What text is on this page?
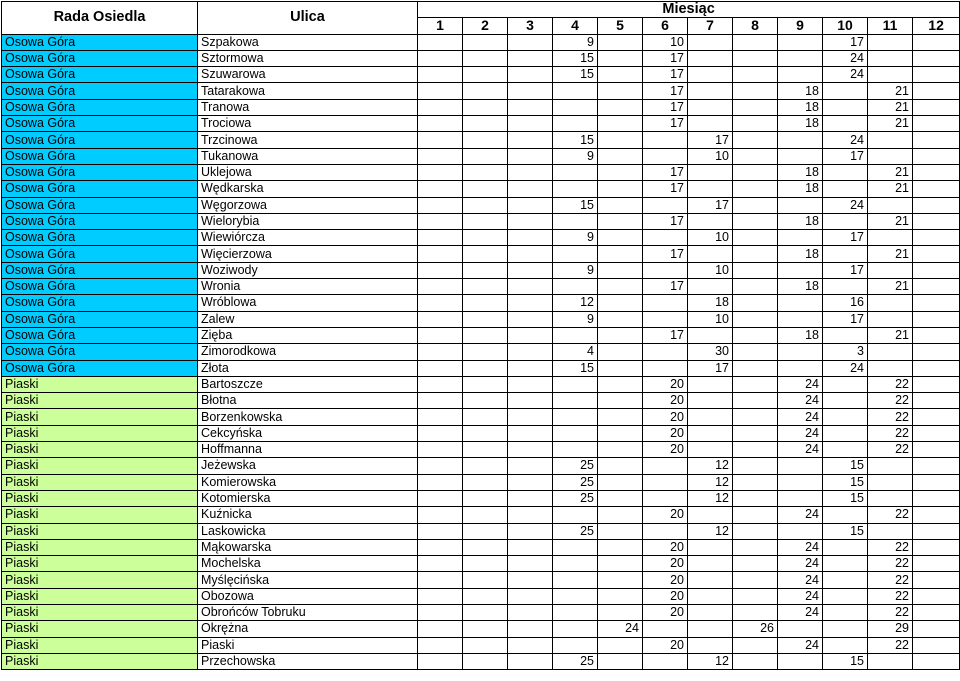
Rada Osiedla	Ulica	Miesiąc											
		1	2	3	4	5	6	7	8	9	10	11	12
Osowa Góra	Szpakowa				9		10				17		
Osowa Góra	Sztormowa				15		17				24		
Osowa Góra	Szuwarowa				15		17				24		
Osowa Góra	Tatarakowa						17			18		21	
Osowa Góra	Tranowa						17			18		21	
Osowa Góra	Trociowa						17			18		21	
Osowa Góra	Trzcinowa				15			17			24		
Osowa Góra	Tukanowa				9			10			17		
Osowa Góra	Uklejowa						17			18		21	
Osowa Góra	Wędkarska						17			18		21	
Osowa Góra	Węgorzowa				15			17			24		
Osowa Góra	Wielorybia						17			18		21	
Osowa Góra	Wiewiórcza				9			10			17		
Osowa Góra	Więcierzowa						17			18		21	
Osowa Góra	Woziwody				9			10			17		
Osowa Góra	Wronia						17			18		21	
Osowa Góra	Wróblowa				12			18			16		
Osowa Góra	Zalew				9			10			17		
Osowa Góra	Zięba						17			18		21	
Osowa Góra	Zimorodkowa				4			30			3		
Osowa Góra	Złota				15			17			24		
Piaski	Bartoszcze						20			24		22	
Piaski	Błotna						20			24		22	
Piaski	Borzenkowska						20			24		22	
Piaski	Cekcyńska						20			24		22	
Piaski	Hoffmanna						20			24		22	
Piaski	Jeżewska				25			12			15		
Piaski	Komierowska				25			12			15		
Piaski	Kotomierska				25			12			15		
Piaski	Kuźnicka						20			24		22	
Piaski	Laskowicka				25			12			15		
Piaski	Mąkowarska						20			24		22	
Piaski	Mochelska						20			24		22	
Piaski	Myślęcińska						20			24		22	
Piaski	Obozowa						20			24		22	
Piaski	Obrońców Tobruku						20			24		22	
Piaski	Okrężna					24			26			29	
Piaski	Piaski						20			24		22	
Piaski	Przechowska				25			12			15		
